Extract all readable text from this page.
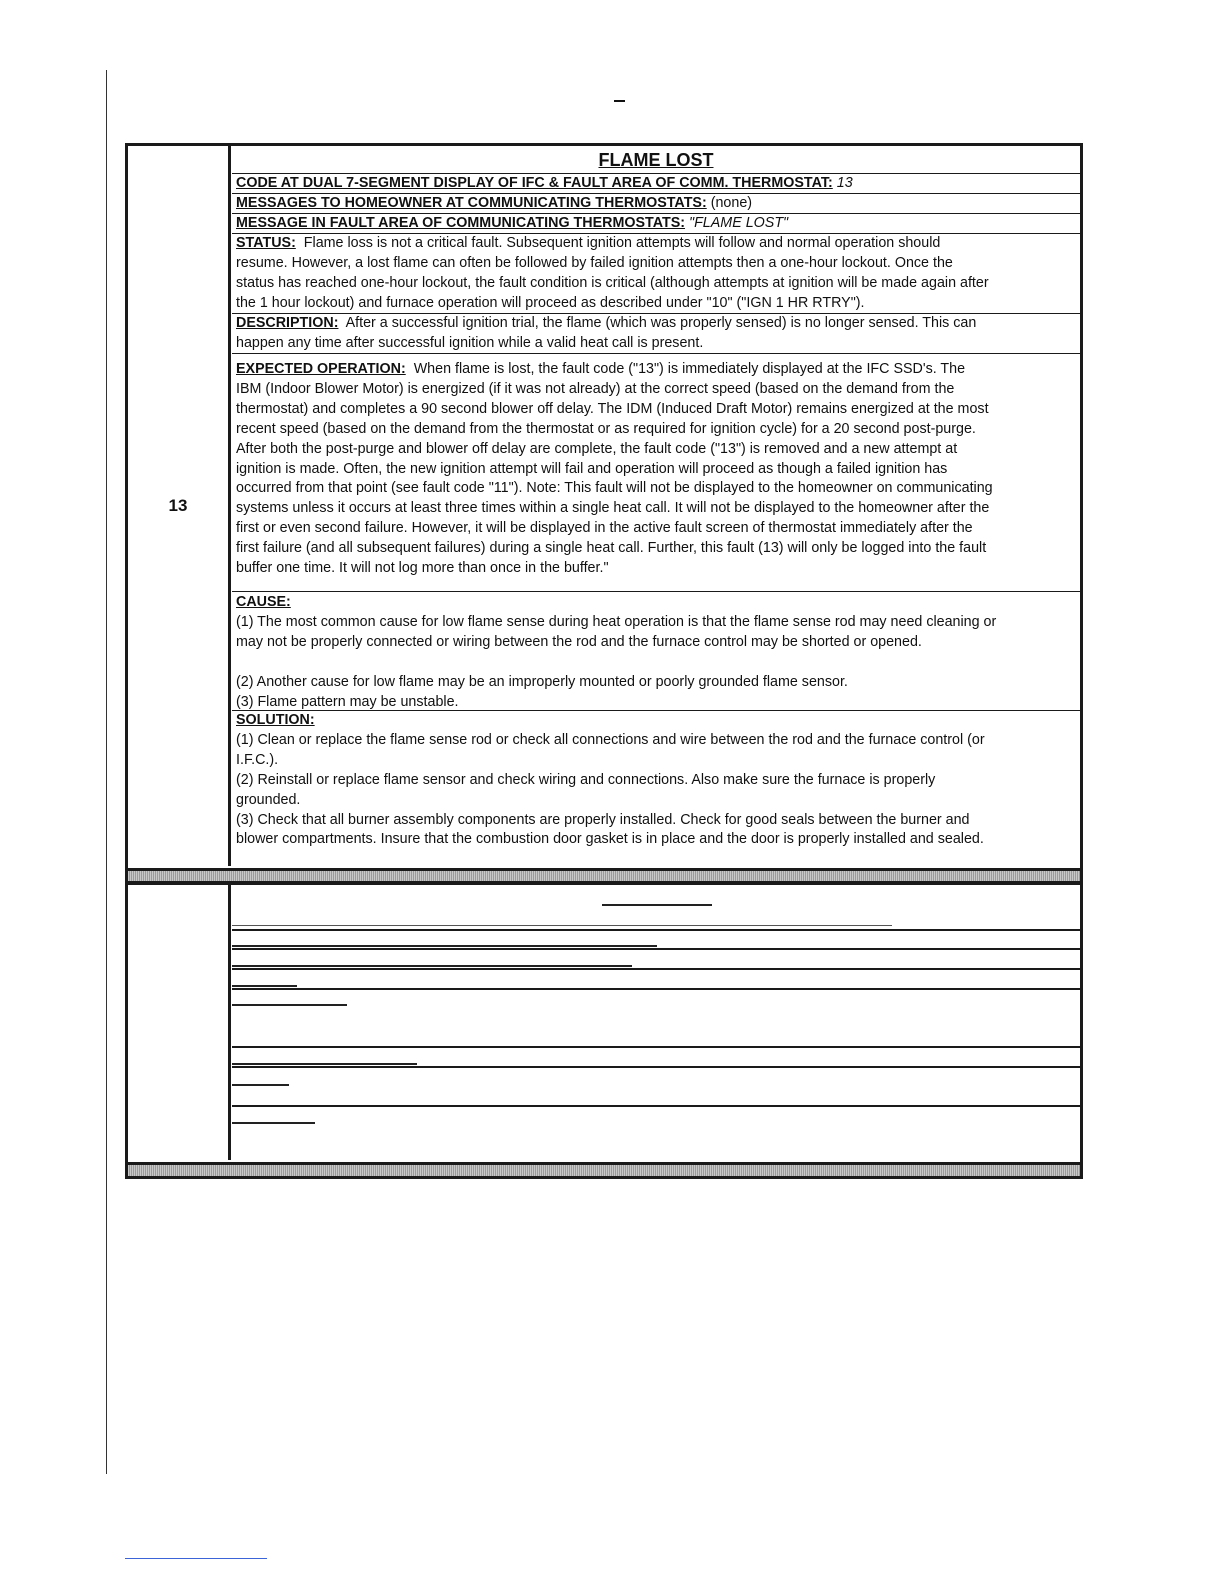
13
FLAME LOST
CODE AT DUAL 7-SEGMENT DISPLAY OF IFC & FAULT AREA OF COMM. THERMOSTAT: 13
MESSAGES TO HOMEOWNER AT COMMUNICATING THERMOSTATS: (none)
MESSAGE IN FAULT AREA OF COMMUNICATING THERMOSTATS: "FLAME LOST"
STATUS: Flame loss is not a critical fault. Subsequent ignition attempts will follow and normal operation should
resume. However, a lost flame can often be followed by failed ignition attempts then a one-hour lockout. Once the
status has reached one-hour lockout, the fault condition is critical (although attempts at ignition will be made again after
the 1 hour lockout) and furnace operation will proceed as described under "10" ("IGN 1 HR RTRY").
DESCRIPTION: After a successful ignition trial, the flame (which was properly sensed) is no longer sensed. This can
happen any time after successful ignition while a valid heat call is present.
EXPECTED OPERATION: When flame is lost, the fault code ("13") is immediately displayed at the IFC SSD's. The
IBM (Indoor Blower Motor) is energized (if it was not already) at the correct speed (based on the demand from the
thermostat) and completes a 90 second blower off delay. The IDM (Induced Draft Motor) remains energized at the most
recent speed (based on the demand from the thermostat or as required for ignition cycle) for a 20 second post-purge.
After both the post-purge and blower off delay are complete, the fault code ("13") is removed and a new attempt at
ignition is made. Often, the new ignition attempt will fail and operation will proceed as though a failed ignition has
occurred from that point (see fault code "11"). Note: This fault will not be displayed to the homeowner on communicating
systems unless it occurs at least three times within a single heat call. It will not be displayed to the homeowner after the
first or even second failure. However, it will be displayed in the active fault screen of thermostat immediately after the
first failure (and all subsequent failures) during a single heat call. Further, this fault (13) will only be logged into the fault
buffer one time. It will not log more than once in the buffer."
CAUSE:
(1) The most common cause for low flame sense during heat operation is that the flame sense rod may need cleaning or
may not be properly connected or wiring between the rod and the furnace control may be shorted or opened.

(2) Another cause for low flame may be an improperly mounted or poorly grounded flame sensor.
(3) Flame pattern may be unstable.
SOLUTION:
(1) Clean or replace the flame sense rod or check all connections and wire between the rod and the furnace control (or
I.F.C.).
(2) Reinstall or replace flame sensor and check wiring and connections. Also make sure the furnace is properly
grounded.
(3) Check that all burner assembly components are properly installed. Check for good seals between the burner and
blower compartments. Insure that the combustion door gasket is in place and the door is properly installed and sealed.
